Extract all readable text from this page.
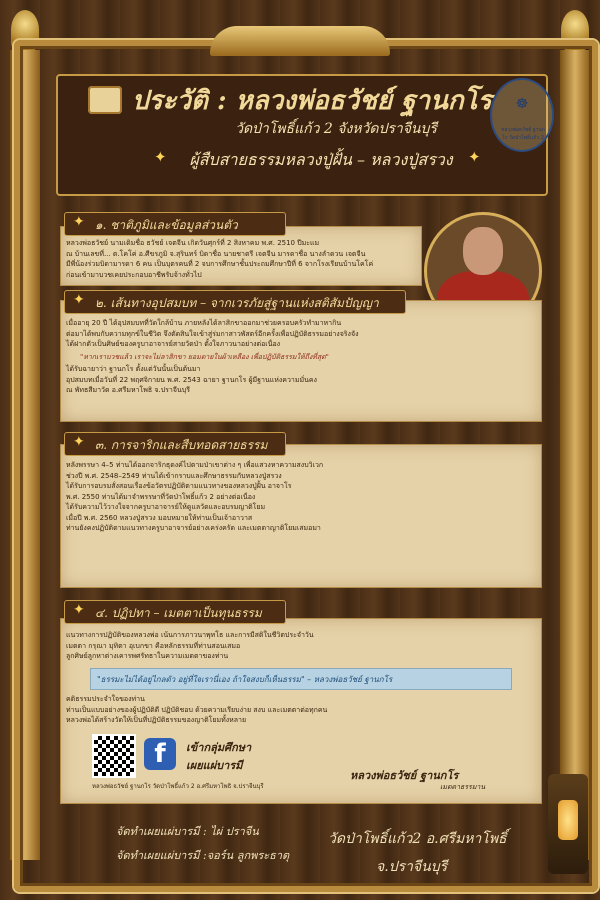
ประวัติ : หลวงพ่อธวัชย์ ฐานกโร
วัดป่าโพธิ์แก้ว 2 จังหวัดปราจีนบุรี
ผู้สืบสายธรรมหลวงปู่ฝั้น – หลวงปู่สรวง
✦	✦
☸
หลวงพ่อธวัชย์ ฐานกโร วัดป่าโพธิ์แก้ว 2
✦ ๑. ชาติภูมิและข้อมูลส่วนตัว
หลวงพ่อธวัชย์ นามเดิมชื่อ ธวัชย์ เจตจีน เกิดวันศุกร์ที่ 2 สิงหาคม พ.ศ. 2510 ปีมะแม
ณ บ้านเลขที่... ต.โคโค่ อ.ศีขรภูมิ จ.สุรินทร์ บิดาชื่อ นายชาตรี เจตจีน มารดาชื่อ นางลำดวน เจตจีน
มีพี่น้องร่วมบิดามารดา 6 คน เป็นบุตรคนที่ 2 จบการศึกษาชั้นประถมศึกษาปีที่ 6 จากโรงเรียนบ้านโคโค่
ก่อนเข้ามาบวชเคยประกอบอาชีพรับจ้างทั่วไป
✦ ๒. เส้นทางอุปสมบท – จากเวรภัยสู่ฐานแห่งสติสัมปัญญา
เมื่ออายุ 20 ปี ได้อุปสมบทที่วัดใกล้บ้าน ภายหลังได้ลาสิกขาออกมาช่วยครอบครัวทำมาหากิน
ต่อมาได้พบกับความทุกข์ในชีวิต จึงตัดสินใจเข้าสู่ร่มกาสาวพัสตร์อีกครั้งเพื่อปฏิบัติธรรมอย่างจริงจัง
ได้ฝากตัวเป็นศิษย์ของครูบาอาจารย์สายวัดป่า ตั้งใจภาวนาอย่างต่อเนื่อง
"หากเราบวชแล้ว เราจะไม่ลาสิกขา ยอมตายในผ้าเหลือง เพื่อปฏิบัติธรรมให้ถึงที่สุด"
ได้รับฉายาว่า ฐานกโร ตั้งแต่วันนั้นเป็นต้นมา
อุปสมบทเมื่อวันที่ 22 พฤศจิกายน พ.ศ. 2543 ฉายา ฐานกโร ผู้มีฐานแห่งความมั่นคง
ณ พัทธสีมาวัด อ.ศรีมหาโพธิ จ.ปราจีนบุรี
✦ ๓. การจาริกและสืบทอดสายธรรม
หลังพรรษา 4–5 ท่านได้ออกจาริกธุดงค์ไปตามป่าเขาต่าง ๆ เพื่อแสวงหาความสงบวิเวก
ช่วงปี พ.ศ. 2548–2549 ท่านได้เข้ากราบและศึกษาธรรมกับหลวงปู่สรวง
ได้รับการอบรมสั่งสอนเรื่องข้อวัตรปฏิบัติตามแนวทางของหลวงปู่ฝั้น อาจาโร
พ.ศ. 2550 ท่านได้มาจำพรรษาที่วัดป่าโพธิ์แก้ว 2 อย่างต่อเนื่อง
ได้รับความไว้วางใจจากครูบาอาจารย์ให้ดูแลวัดและอบรมญาติโยม
เมื่อปี พ.ศ. 2560 หลวงปู่สรวง มอบหมายให้ท่านเป็นเจ้าอาวาส
ท่านยังคงปฏิบัติตามแนวทางครูบาอาจารย์อย่างเคร่งครัด และเมตตาญาติโยมเสมอมา
✦ ๔. ปฏิปทา – เมตตาเป็นทุนธรรม
แนวทางการปฏิบัติของหลวงพ่อ เน้นการภาวนาพุทโธ และการมีสติในชีวิตประจำวัน
เมตตา กรุณา มุทิตา อุเบกขา คือหลักธรรมที่ท่านสอนเสมอ
ลูกศิษย์ลูกหาต่างเคารพศรัทธาในความเมตตาของท่าน
"ธรรมะไม่ได้อยู่ไกลตัว อยู่ที่ใจเรานี่เอง ถ้าใจสงบก็เห็นธรรม" – หลวงพ่อธวัชย์ ฐานกโร
คติธรรมประจำใจของท่าน
ท่านเป็นแบบอย่างของผู้ปฏิบัติดี ปฏิบัติชอบ ด้วยความเรียบง่าย สงบ และเมตตาต่อทุกคน
หลวงพ่อได้สร้างวัดให้เป็นที่ปฏิบัติธรรมของญาติโยมทั้งหลาย
f	เข้ากลุ่มศึกษา
เผยแผ่บารมี
หลวงพ่อธวัชย์ ฐานกโร วัดป่าโพธิ์แก้ว 2 อ.ศรีมหาโพธิ จ.ปราจีนบุรี
หลวงพ่อธวัชย์ ฐานกโร
เมตตาธรรมาน
จัดทำเผยแผ่บารมี : ไผ่ ปราจีน
จัดทำเผยแผ่บารมี :จอร์น ลูกพระธาตุ
วัดป่าโพธิ์แก้ว2 อ.ศรีมหาโพธิ์
จ.ปราจีนบุรี
